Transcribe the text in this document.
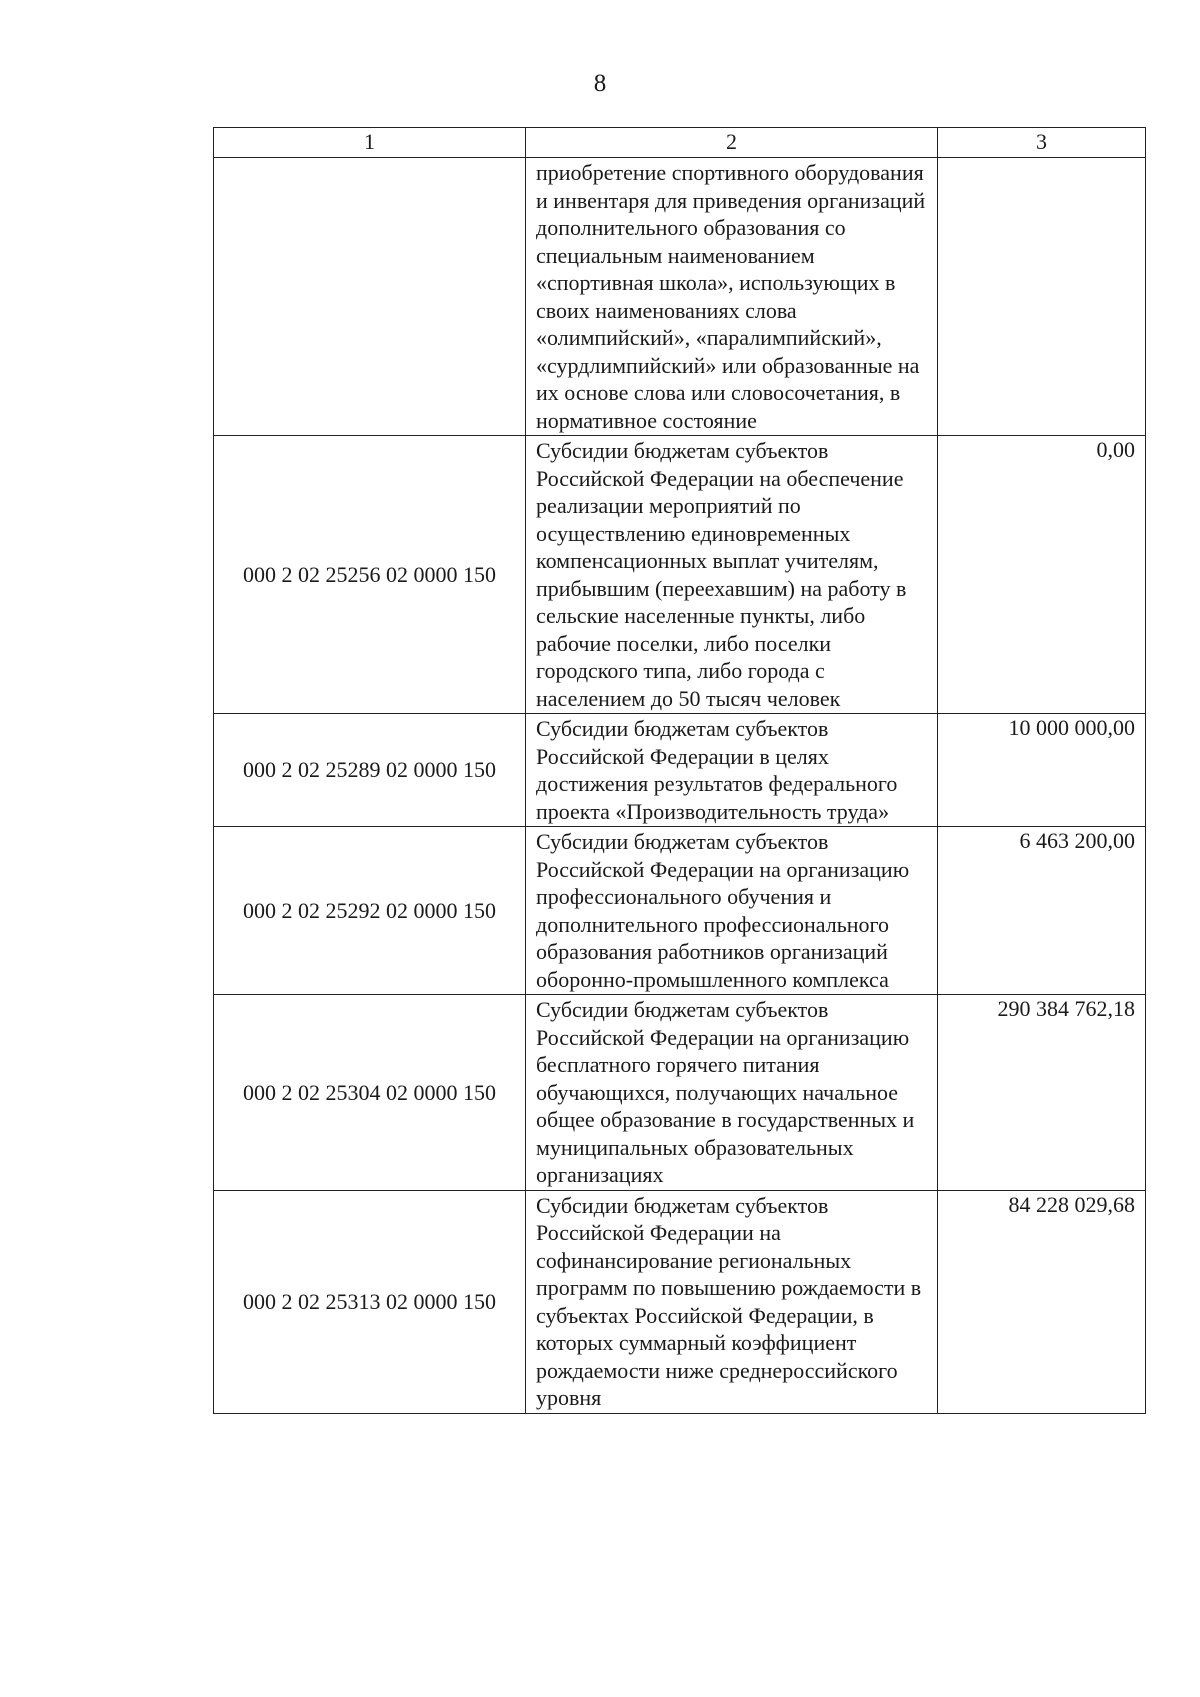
8
1	2	3
	приобретение спортивного оборудования и инвентаря для приведения организаций дополнительного образования со специальным наименованием «спортивная школа», использующих в своих наименованиях слова «олимпийский», «паралимпийский», «сурдлимпийский» или образованные на их основе слова или словосочетания, в нормативное состояние	
000 2 02 25256 02 0000 150	Субсидии бюджетам субъектов Российской Федерации на обеспечение реализации мероприятий по осуществлению единовременных компенсационных выплат учителям, прибывшим (переехавшим) на работу в сельские населенные пункты, либо рабочие поселки, либо поселки городского типа, либо города с населением до 50 тысяч человек	0,00
000 2 02 25289 02 0000 150	Субсидии бюджетам субъектов Российской Федерации в целях достижения результатов федерального проекта «Производительность труда»	10 000 000,00
000 2 02 25292 02 0000 150	Субсидии бюджетам субъектов Российской Федерации на организацию профессионального обучения и дополнительного профессионального образования работников организаций оборонно-промышленного комплекса	6 463 200,00
000 2 02 25304 02 0000 150	Субсидии бюджетам субъектов Российской Федерации на организацию бесплатного горячего питания обучающихся, получающих начальное общее образование в государственных и муниципальных образовательных организациях	290 384 762,18
000 2 02 25313 02 0000 150	Субсидии бюджетам субъектов Российской Федерации на софинансирование региональных программ по повышению рождаемости в субъектах Российской Федерации, в которых суммарный коэффициент рождаемости ниже среднероссийского уровня	84 228 029,68
